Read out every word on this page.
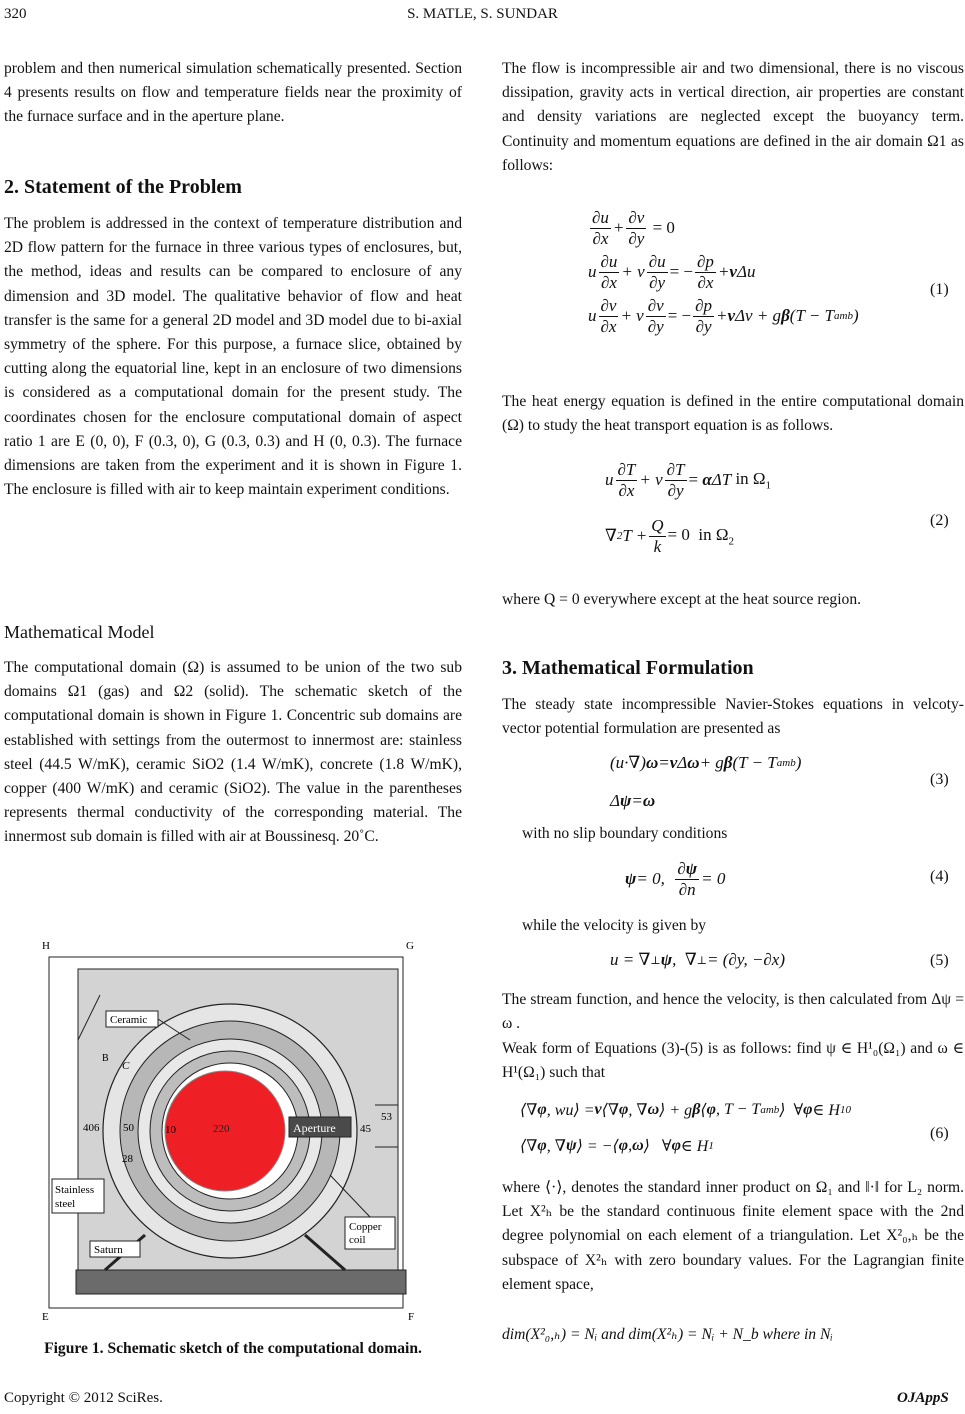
320	S. MATLE, S. SUNDAR

problem and then numerical simulation schematically presented. Section 4 presents results on flow and temperature fields near the proximity of the furnace surface and in the aperture plane.

2. Statement of the Problem

The problem is addressed in the context of temperature distribution and 2D flow pattern for the furnace in three various types of enclosures, but, the method, ideas and results can be compared to enclosure of any dimension and 3D model. The qualitative behavior of flow and heat transfer is the same for a general 2D model and 3D model due to bi-axial symmetry of the sphere. For this purpose, a furnace slice, obtained by cutting along the equatorial line, kept in an enclosure of two dimensions is considered as a computational domain for the present study. The coordinates chosen for the enclosure computational domain of aspect ratio 1 are E (0, 0), F (0.3, 0), G (0.3, 0.3) and H (0, 0.3). The furnace dimensions are taken from the experiment and it is shown in Figure 1. The enclosure is filled with air to keep maintain experiment conditions.

Mathematical Model

The computational domain (Ω) is assumed to be union of the two sub domains Ω1 (gas) and Ω2 (solid). The schematic sketch of the computational domain is shown in Figure 1. Concentric sub domains are established with settings from the outermost to innermost are: stainless steel (44.5 W/mK), ceramic SiO2 (1.4 W/mK), concrete (1.8 W/mK), copper (400 W/mK) and ceramic (SiO2). The value in the parentheses represents thermal conductivity of the corresponding material. The innermost sub domain is filled with air at Boussinesq. 20˚C.

H	G
E	F
Aperture
220
10
50
406
28
45
53
Ceramic
C
B
Stainless steel
Copper coil
Saturn
Figure 1. Schematic sketch of the computational domain.

The flow is incompressible air and two dimensional, there is no viscous dissipation, gravity acts in vertical direction, air properties are constant and density variations are neglected except the buoyancy term. Continuity and momentum equations are defined in the air domain Ω1 as follows:

$\frac{\partial u}{\partial x} + \frac{\partial v}{\partial y} = 0$
u $\frac{\partial u}{\partial x} + v \frac{\partial u}{\partial y}$ = − $\frac{\partial p}{\partial x} + \nu$ Δu
u $\frac{\partial v}{\partial x} + v \frac{\partial v}{\partial y}$ = − $\frac{\partial p}{\partial y} + \nu$ Δv + g β (T − T amb )
(1)

The heat energy equation is defined in the entire computational domain (Ω) to study the heat transport equation is as follows.

u $\frac{\partial T}{\partial x} + v \frac{\partial T}{\partial y}$ =
α ΔT in $\Omega_1$
∇ 2 $T + \frac{Q}{k} = 0$  in $\Omega_2$
(2)

where Q = 0 everywhere except at the heat source region.

3. Mathematical Formulation

The steady state incompressible Navier-Stokes equations in velcoty-vector potential formulation are presented as

(u·∇) ω = ν Δ ω + g β (T − T amb )
Δ ψ = ω
(3)
with no slip boundary conditions
ψ = 0, $\frac{\partial\psi}{\partial n} = 0$	(4)
while the velocity is given by
u = ∇ ⊥ ψ ,  ∇ ⊥ = (∂y, −∂x)	(5)

The stream function, and hence the velocity, is then calculated from Δψ = ω .

Weak form of Equations (3)-(5) is as follows: find ψ ∈ H¹₀(Ω₁) and ω ∈ H¹(Ω₁) such that

⟨∇ φ , wu⟩ = ν ⟨∇ φ , ∇ ω ⟩ + g β ⟨ φ , T − T amb ⟩  ∀ φ ∈ H 1 0
⟨∇ φ , ∇ ψ ⟩ = −⟨ φ , ω ⟩   ∀ φ ∈ H 1
(6)

where ⟨·⟩, denotes the standard inner product on Ω₁ and ‖·‖ for L₂ norm. Let X²ₕ be the standard continuous finite element space with the 2nd degree polynomial on each element of a triangulation. Let X²₀,ₕ be the subspace of X²ₕ with zero boundary values. For the Lagrangian finite element space,

dim(X²₀,ₕ) = Nᵢ and dim(X²ₕ) = Nᵢ + N_b where in Nᵢ
Copyright © 2012 SciRes.	OJAppS
